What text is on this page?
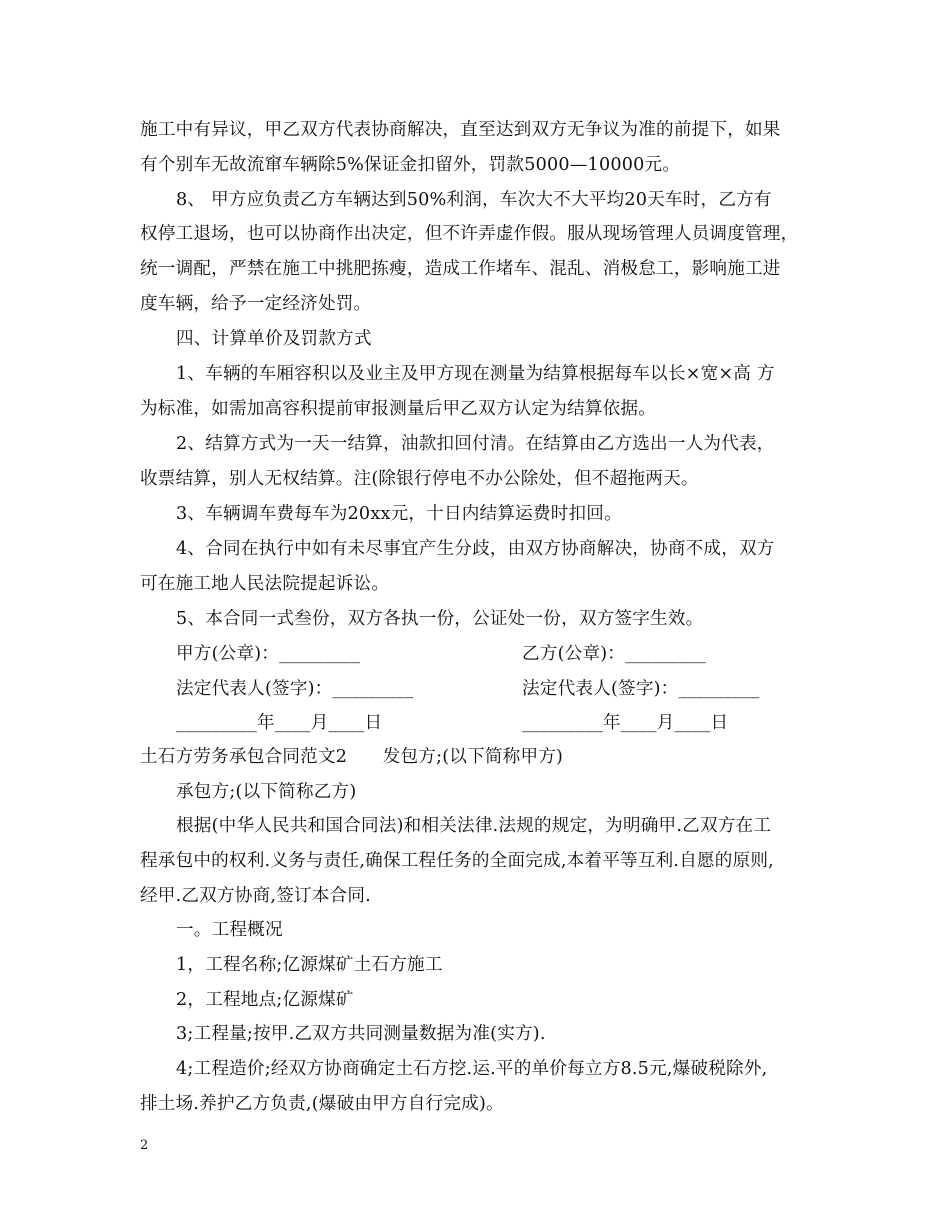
施工中有异议，甲乙双方代表协商解决，直至达到双方无争议为准的前提下，如果
有个别车无故流窜车辆除5%保证金扣留外，罚款5000—10000元。
8、 甲方应负责乙方车辆达到50%利润，车次大不大平均20天车时，乙方有
权停工退场，也可以协商作出决定，但不许弄虚作假。服从现场管理人员调度管理，
统一调配，严禁在施工中挑肥拣瘦，造成工作堵车、混乱、消极怠工，影响施工进
度车辆，给予一定经济处罚。
四、计算单价及罚款方式
1、车辆的车厢容积以及业主及甲方现在测量为结算根据每车以长×宽×高 方
为标准，如需加高容积提前审报测量后甲乙双方认定为结算依据。
2、结算方式为一天一结算，油款扣回付清。在结算由乙方选出一人为代表，
收票结算，别人无权结算。注(除银行停电不办公除处，但不超拖两天。
3、车辆调车费每车为20xx元，十日内结算运费时扣回。
4、合同在执行中如有未尽事宜产生分歧，由双方协商解决，协商不成，双方
可在施工地人民法院提起诉讼。
5、本合同一式叁份，双方各执一份，公证处一份，双方签字生效。
甲方(公章)：_________	乙方(公章)：_________
法定代表人(签字)：_________	法定代表人(签字)：_________
_________年____月____日	_________年____月____日
土石方劳务承包合同范文2　　发包方;(以下简称甲方)
承包方;(以下简称乙方)
根据(中华人民共和国合同法)和相关法律.法规的规定，为明确甲.乙双方在工
程承包中的权利.义务与责任,确保工程任务的全面完成,本着平等互利.自愿的原则,
经甲.乙双方协商,签订本合同.
一。工程概况
1，工程名称;亿源煤矿土石方施工
2，工程地点;亿源煤矿
3;工程量;按甲.乙双方共同测量数据为准(实方).
4;工程造价;经双方协商确定土石方挖.运.平的单价每立方8.5元,爆破税除外,
排土场.养护乙方负责,(爆破由甲方自行完成)。
2
